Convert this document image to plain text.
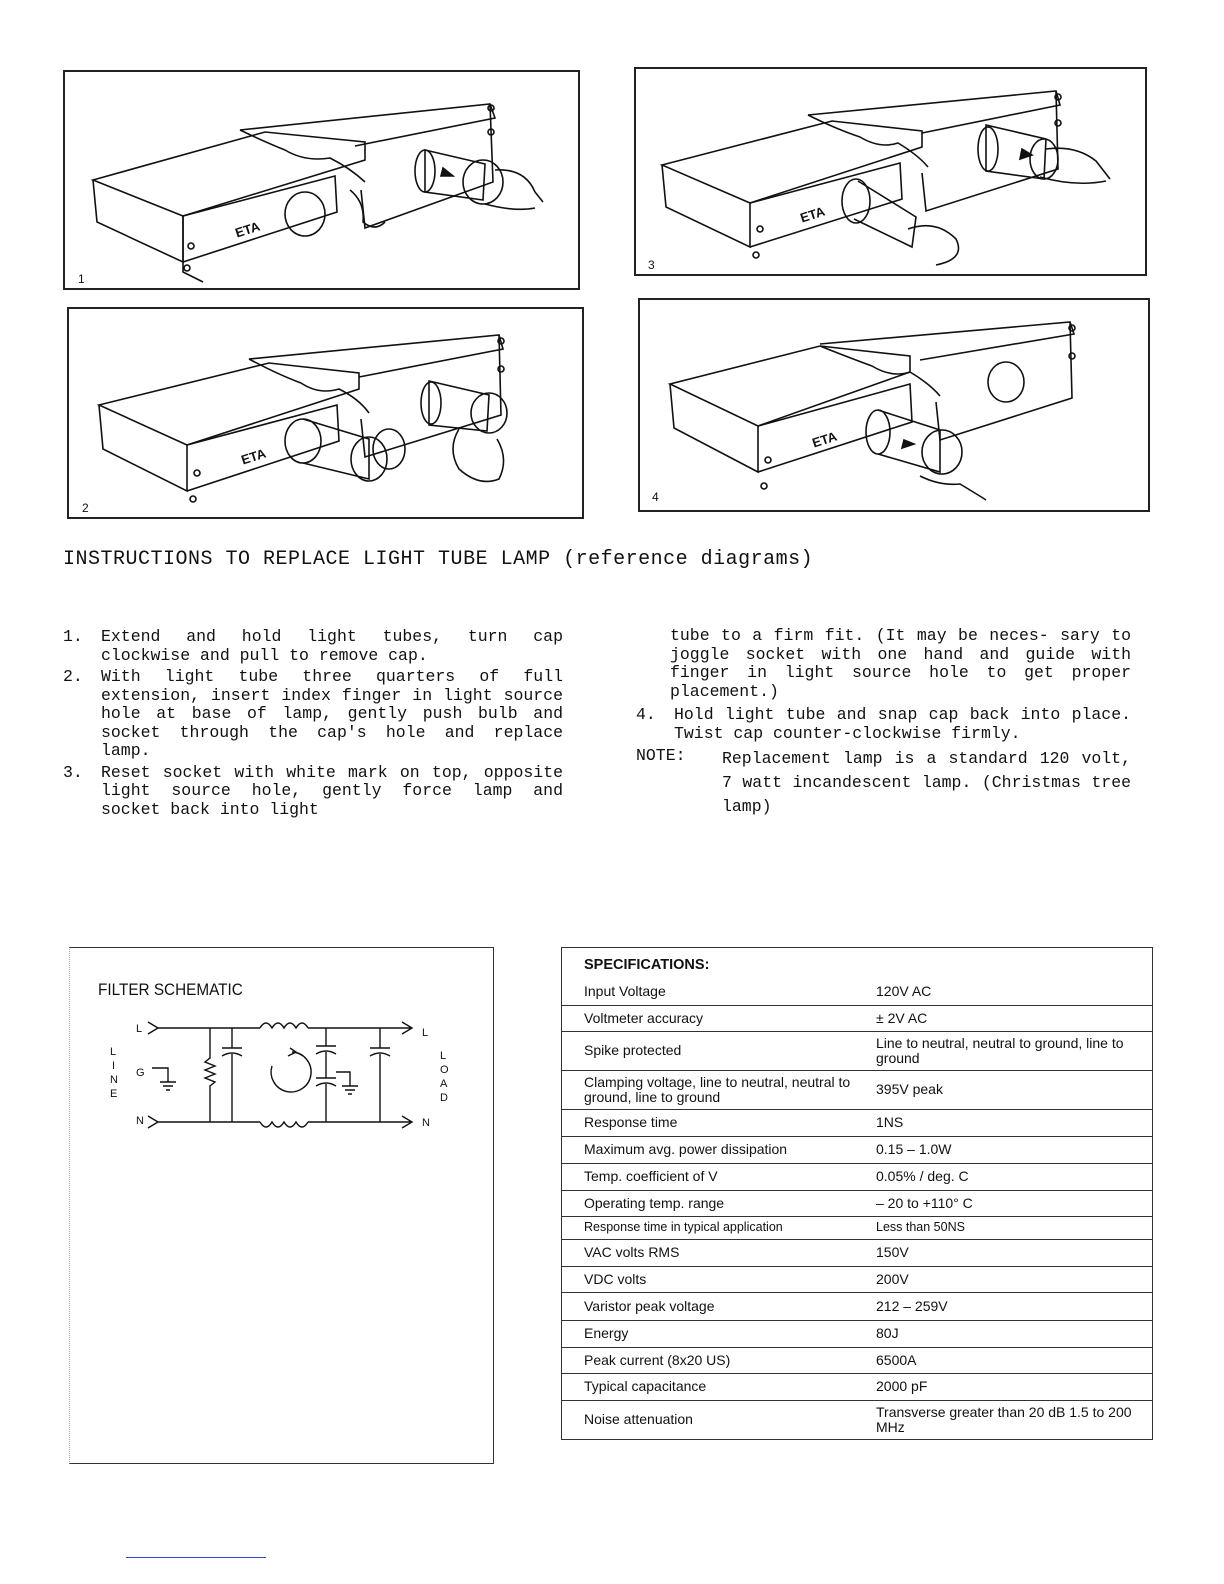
ETA
1
ETA
2
ETA
3
ETA
4
INSTRUCTIONS TO REPLACE LIGHT TUBE LAMP (reference diagrams)
1.	Extend and hold light tubes, turn cap clockwise and pull to remove cap.
2.	With light tube three quarters of full extension, insert index finger in light source hole at base of lamp, gently push bulb and socket through the cap's hole and replace lamp.
3.	Reset socket with white mark on top, opposite light source hole, gently force lamp and socket back into light
tube to a firm fit. (It may be neces- sary to joggle socket with one hand and guide with finger in light source hole to get proper placement.)
4.	Hold light tube and snap cap back into place. Twist cap counter-clockwise firmly.
NOTE:	Replacement lamp is a standard 120 volt, 7 watt incandescent lamp. (Christmas tree lamp)
FILTER SCHEMATIC
L
I
N
E
L
O
A
D
L
G
N
L
N
SPECIFICATIONS:
Input Voltage	120V AC
Voltmeter accuracy	± 2V AC
Spike protected	Line to neutral, neutral to ground, line to ground
Clamping voltage, line to neutral, neutral to ground, line to ground	395V peak
Response time	1NS
Maximum avg. power dissipation	0.15 – 1.0W
Temp. coefficient of V	0.05% / deg. C
Operating temp. range	– 20 to +110° C
Response time in typical application	Less than 50NS
VAC volts RMS	150V
VDC volts	200V
Varistor peak voltage	212 – 259V
Energy	80J
Peak current (8x20 US)	6500A
Typical capacitance	2000 pF
Noise attenuation	Transverse greater than 20 dB 1.5 to 200 MHz
